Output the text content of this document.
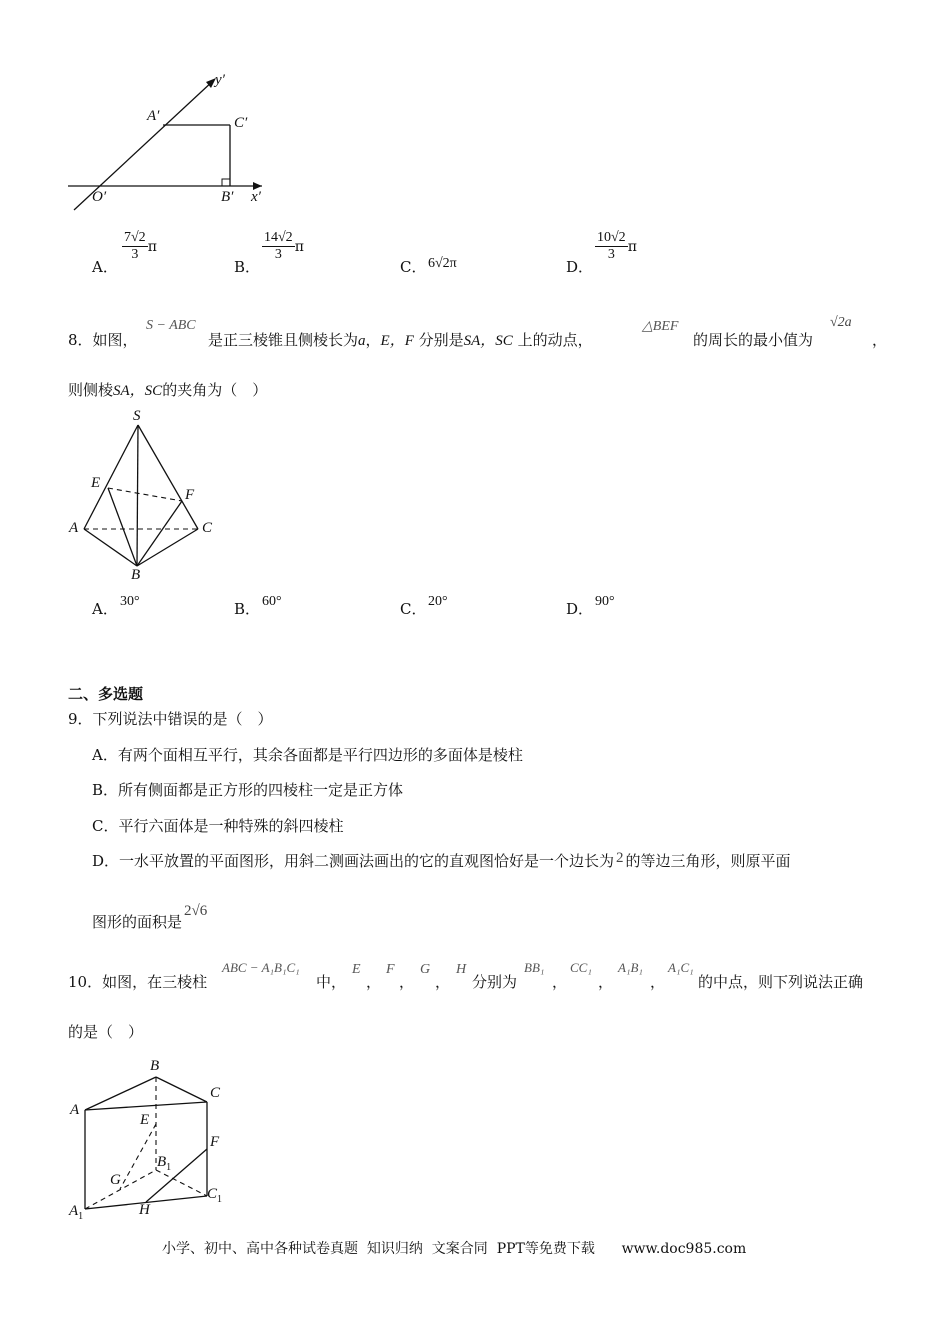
y′
A′	C′
O′	B′ x′
A．
$\frac{7√2}{3}$ π
B．
$\frac{14√2}{3}$ π
C． 6√2π	D．
$\frac{10√2}{3}$ π
8．如图，
S − ABC
是正三棱锥且侧棱长为a，E，F 分别是SA，SC 上的动点，
△BEF
的周长的最小值为
√2a
，
则侧棱SA，SC的夹角为（　）
S
E
F
A	C
B
A． 30°	B． 60°	C． 20°	D． 90°
二、多选题
9．下列说法中错误的是（　）
A．有两个面相互平行，其余各面都是平行四边形的多面体是棱柱
B．所有侧面都是正方形的四棱柱一定是正方体
C．平行六面体是一种特殊的斜四棱柱
D．一水平放置的平面图形，用斜二测画法画出的它的直观图恰好是一个边长为 2 的等边三角形，则原平面
图形的面积是2√6
10．如图，在三棱柱
ABC − A₁B₁C₁
中，
E
，
F
，
G
，
H
分别为
BB₁
，
CC₁
，
A₁B₁
，
A₁C₁
的中点，则下列说法正确
的是（　）
B
C
A
E
F
$B_1$
G
$C_1$
$A_1$	H
小学、初中、高中各种试卷真题  知识归纳  文案合同  PPT等免费下载      www.doc985.com
